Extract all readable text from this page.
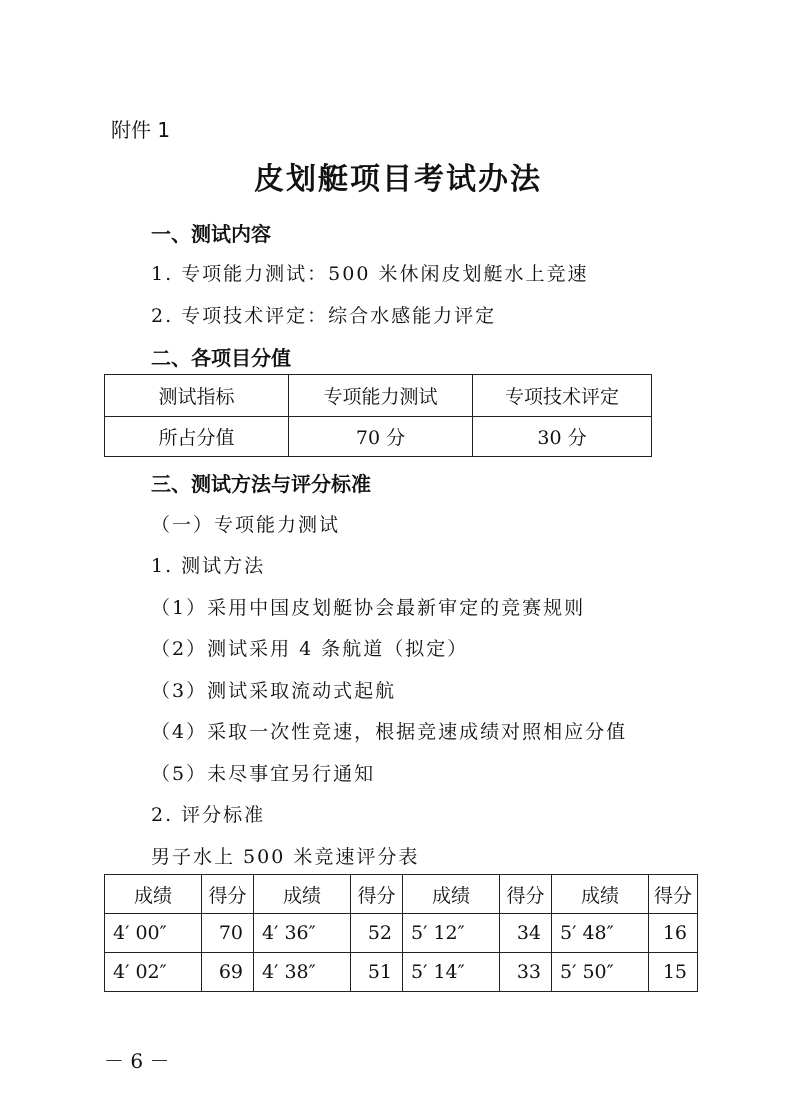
附件 1
皮划艇项目考试办法
一、测试内容
1. 专项能力测试：500 米休闲皮划艇水上竞速
2. 专项技术评定：综合水感能力评定
二、各项目分值
测试指标	专项能力测试	专项技术评定
所占分值	70 分	30 分
三、测试方法与评分标准
（一）专项能力测试
1. 测试方法
（1）采用中国皮划艇协会最新审定的竞赛规则
（2）测试采用 4 条航道（拟定）
（3）测试采取流动式起航
（4）采取一次性竞速，根据竞速成绩对照相应分值
（5）未尽事宜另行通知
2. 评分标准
男子水上 500 米竞速评分表
成绩	得分	成绩	得分	成绩	得分	成绩	得分
4′ 00″	70	4′ 36″	52	5′ 12″	34	5′ 48″	16
4′ 02″	69	4′ 38″	51	5′ 14″	33	5′ 50″	15
－ 6 －
